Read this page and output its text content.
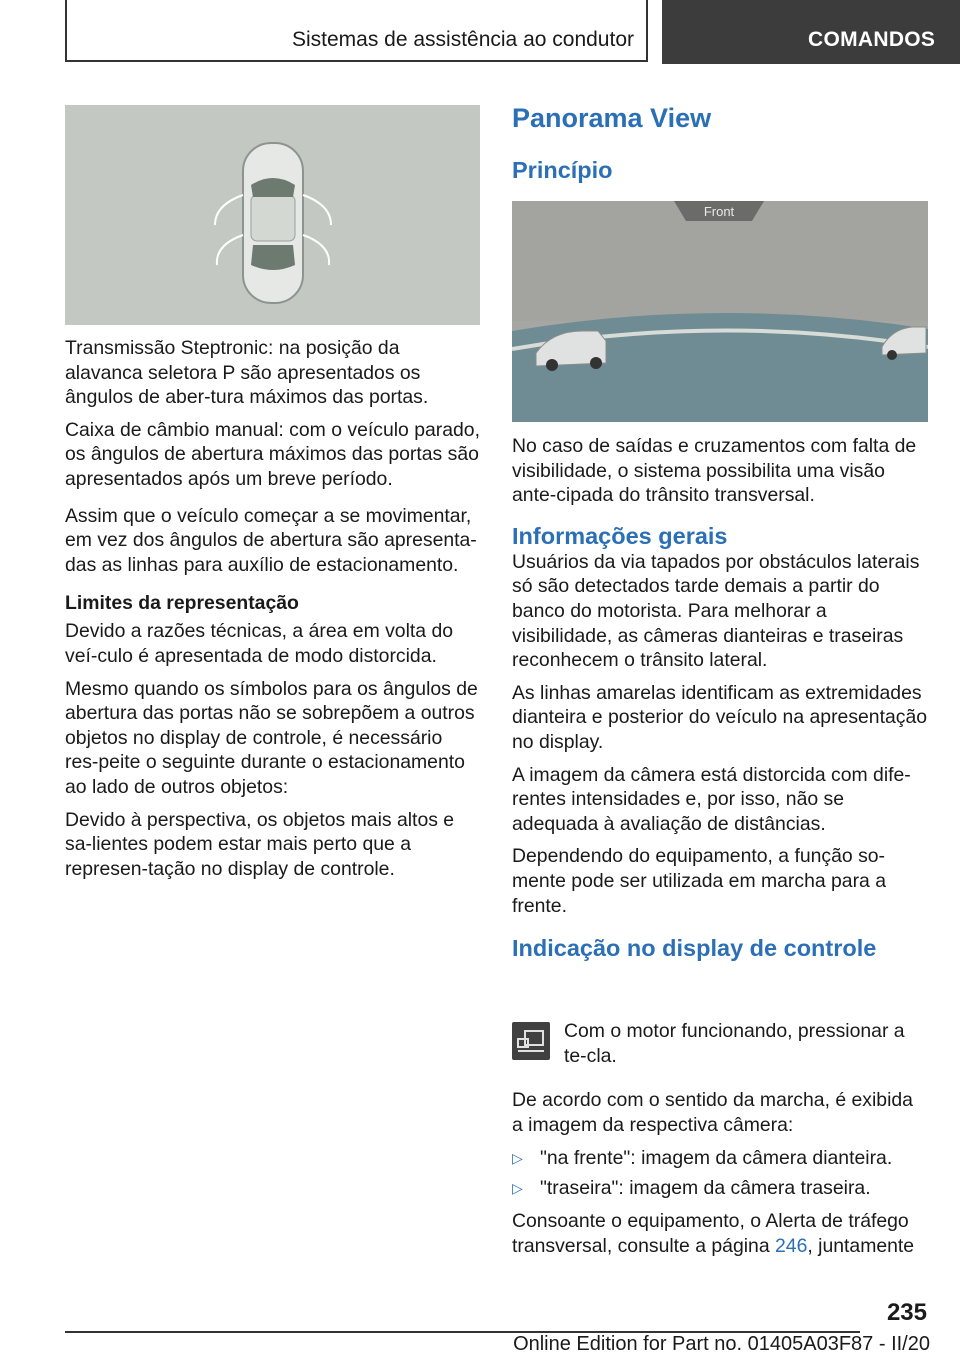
Sistemas de assistência ao condutor	COMANDOS

Transmissão Steptronic: na posição da alavanca seletora P são apresentados os ângulos de aber‐tura máximos das portas.

Caixa de câmbio manual: com o veículo parado, os ângulos de abertura máximos das portas são apresentados após um breve período.

Assim que o veículo começar a se movimentar, em vez dos ângulos de abertura são apresenta‐das as linhas para auxílio de estacionamento.

Limites da representação

Devido a razões técnicas, a área em volta do veí‐culo é apresentada de modo distorcida.

Mesmo quando os símbolos para os ângulos de abertura das portas não se sobrepõem a outros objetos no display de controle, é necessário res‐peite o seguinte durante o estacionamento ao lado de outros objetos:

Devido à perspectiva, os objetos mais altos e sa‐lientes podem estar mais perto que a represen‐tação no display de controle.

Panorama View

Princípio

Front

No caso de saídas e cruzamentos com falta de visibilidade, o sistema possibilita uma visão ante‐cipada do trânsito transversal.

Informações gerais

Usuários da via tapados por obstáculos laterais só são detectados tarde demais a partir do banco do motorista. Para melhorar a visibilidade, as câmeras dianteiras e traseiras reconhecem o trânsito lateral.

As linhas amarelas identificam as extremidades dianteira e posterior do veículo na apresentação no display.

A imagem da câmera está distorcida com dife‐rentes intensidades e, por isso, não se adequada à avaliação de distâncias.

Dependendo do equipamento, a função so‐mente pode ser utilizada em marcha para a frente.

Indicação no display de controle

Com o motor funcionando, pressionar a te‐cla.

De acordo com o sentido da marcha, é exibida a imagem da respectiva câmera:

▷ "na frente": imagem da câmera dianteira.
▷ "traseira": imagem da câmera traseira.

Consoante o equipamento, o Alerta de tráfego transversal, consulte a página 246, juntamente

235
Online Edition for Part no. 01405A03F87 - II/20
